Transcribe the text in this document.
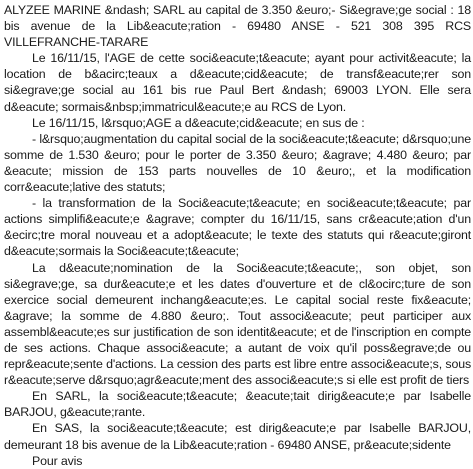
ALYZEE MARINE &ndash; SARL au capital de 3.350 &euro;- Si&egrave;ge social : 18 bis avenue de la Lib&eacute;ration - 69480 ANSE - 521 308 395 RCS VILLEFRANCHE-TARARE

Le 16/11/15, l'AGE de cette soci&eacute;t&eacute; ayant pour activit&eacute; la location de b&acirc;teaux a d&eacute;cid&eacute; de transf&eacute;rer son si&egrave;ge social au 161 bis rue Paul Bert &ndash; 69003 LYON. Elle sera d&eacute; sormais&nbsp;immatricul&eacute;e au RCS de Lyon.

Le 16/11/15, l&rsquo;AGE a d&eacute;cid&eacute; en sus de :

- l&rsquo;augmentation du capital social de la soci&eacute;t&eacute; d&rsquo;une somme de 1.530 &euro; pour le porter de 3.350 &euro; &agrave; 4.480 &euro; par &eacute; mission de 153 parts nouvelles de 10 &euro;, et la modification corr&eacute;lative des statuts;

- la transformation de la Soci&eacute;t&eacute; en soci&eacute;t&eacute; par actions simplifi&eacute;e &agrave; compter du 16/11/15, sans cr&eacute;ation d'un &ecirc;tre moral nouveau et a adopt&eacute; le texte des statuts qui r&eacute;giront d&eacute;sormais la Soci&eacute;t&eacute;

La d&eacute;nomination de la Soci&eacute;t&eacute;, son objet, son si&egrave;ge, sa dur&eacute;e et les dates d'ouverture et de cl&ocirc;ture de son exercice social demeurent inchang&eacute;es. Le capital social reste fix&eacute; &agrave; la somme de 4.880 &euro;. Tout associ&eacute; peut participer aux assembl&eacute;es sur justification de son identit&eacute; et de l'inscription en compte de ses actions. Chaque associ&eacute; a autant de voix qu'il poss&egrave;de ou repr&eacute;sente d'actions. La cession des parts est libre entre associ&eacute;s, sous r&eacute;serve d&rsquo;agr&eacute;ment des associ&eacute;s si elle est profit de tiers

En SARL, la soci&eacute;t&eacute; &eacute;tait dirig&eacute;e par Isabelle BARJOU, g&eacute;rante.

En SAS, la soci&eacute;t&eacute; est dirig&eacute;e par Isabelle BARJOU, demeurant 18 bis avenue de la Lib&eacute;ration - 69480 ANSE, pr&eacute;sidente

Pour avis
